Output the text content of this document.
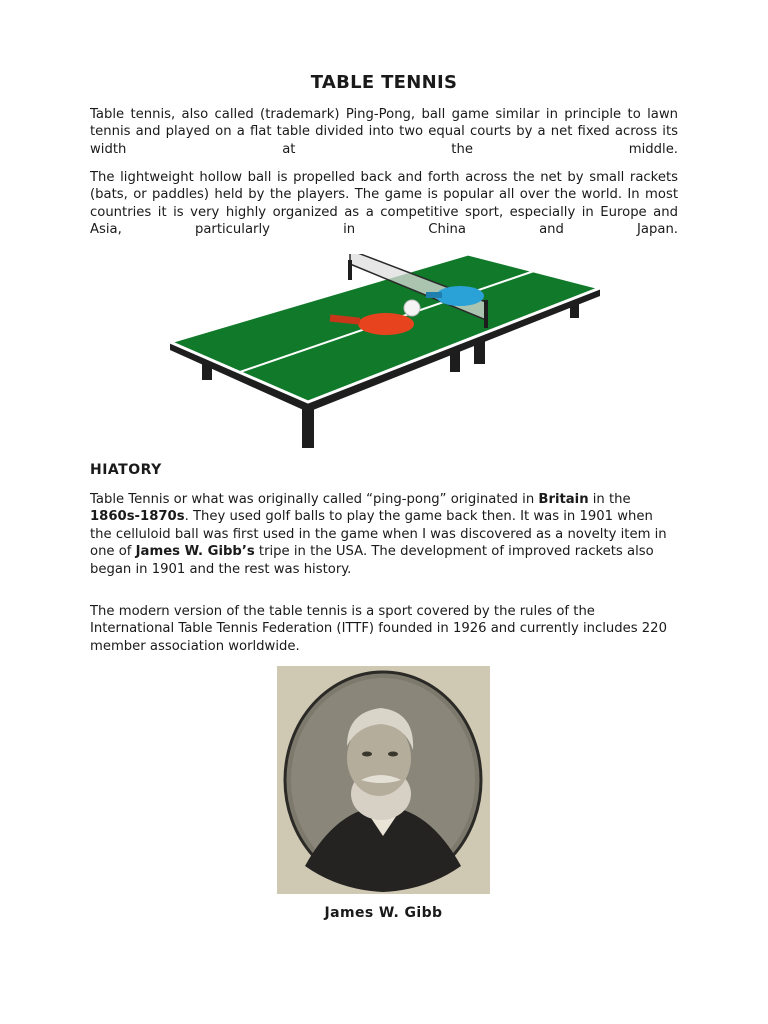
TABLE TENNIS

Table tennis, also called (trademark) Ping-Pong, ball game similar in principle to lawn tennis and played on a flat table divided into two equal courts by a net fixed across its width at the middle.

The lightweight hollow ball is propelled back and forth across the net by small rackets (bats, or paddles) held by the players. The game is popular all over the world. In most countries it is very highly organized as a competitive sport, especially in Europe and Asia, particularly in China and Japan.

HIATORY

Table Tennis or what was originally called “ping-pong” originated in Britain in the 1860s-1870s. They used golf balls to play the game back then. It was in 1901 when the celluloid ball was first used in the game when I was discovered as a novelty item in one of James W. Gibb’s tripe in the USA. The development of improved rackets also began in 1901 and the rest was history.

The modern version of the table tennis is a sport covered by the rules of the International Table Tennis Federation (ITTF) founded in 1926 and currently includes 220 member association worldwide.

James W. Gibb
